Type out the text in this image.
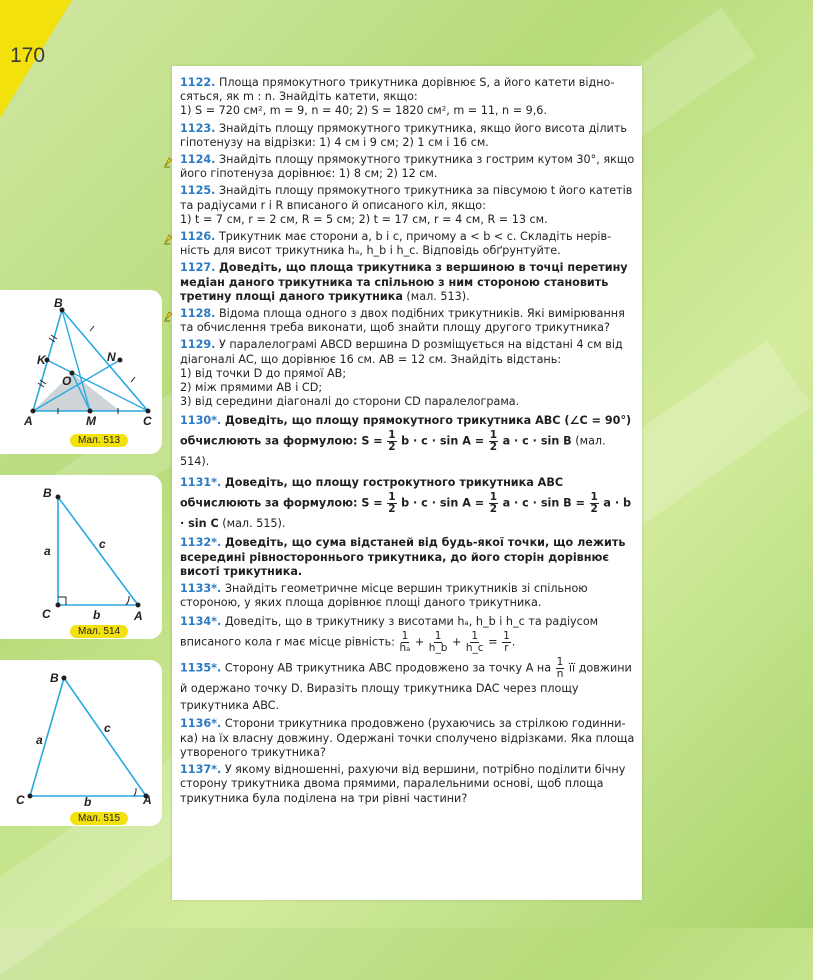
170
B
K	N
O
A	M	C
Мал. 513
B
C	A
a
b
c
Мал. 514
B
C	A
a
b
c
Мал. 515
1122. Площа прямокутного трикутника дорівнює S, а його катети відносяться, як m : n. Знайдіть катети, якщо:
1) S = 720 см², m = 9, n = 40; 2) S = 1820 см², m = 11, n = 9,6.
1123. Знайдіть площу прямокутного трикутника, якщо його висота ділить гіпотенузу на відрізки: 1) 4 см і 9 см; 2) 1 см і 16 см.
1124. Знайдіть площу прямокутного трикутника з гострим кутом 30°, якщо його гіпотенуза дорівнює: 1) 8 см; 2) 12 см.
1125. Знайдіть площу прямокутного трикутника за півсумою t його катетів та радіусами r і R вписаного й описаного кіл, якщо:
1) t = 7 см, r = 2 см, R = 5 см; 2) t = 17 см, r = 4 см, R = 13 см.
1126. Трикутник має сторони a, b і c, причому a < b < c. Складіть нерівність для висот трикутника hₐ, h_b і h_c. Відповідь обґрунтуйте.
1127. Доведіть, що площа трикутника з вершиною в точці перетину медіан даного трикутника та спільною з ним стороною становить третину площі даного трикутника (мал. 513).
1128. Відома площа одного з двох подібних трикутників. Які вимірювання та обчислення треба виконати, щоб знайти площу другого трикутника?
1129. У паралелограмі ABCD вершина D розміщується на відстані 4 см від діагоналі AC, що дорівнює 16 см. AB = 12 см. Знайдіть відстань:
1) від точки D до прямої AB;
2) між прямими AB і CD;
3) від середини діагоналі до сторони CD паралелограма.
1130*. Доведіть, що площу прямокутного трикутника ABC (∠C = 90°) обчислюють за формулою: $S = \frac{1}{2}$ $b \cdot c \cdot \sin A = \frac{1}{2}$ a · c · sin B (мал. 514).
1131*. Доведіть, що площу гострокутного трикутника ABC обчислюють за формулою: $S = \frac{1}{2}$ $b \cdot c \cdot \sin A = \frac{1}{2}$ $a \cdot c \cdot \sin B = \frac{1}{2}$ a · b · sin C (мал. 515).
1132*. Доведіть, що сума відстаней від будь-якої точки, що лежить всередині рівностороннього трикутника, до його сторін дорівнює висоті трикутника.
1133*. Знайдіть геометричне місце вершин трикутників зі спільною стороною, у яких площа дорівнює площі даного трикутника.
1134*. Доведіть, що в трикутнику з висотами hₐ, h_b і h_c та радіусом вписаного кола r має місце рівність: $\frac{1}{\text{hₐ}} + \frac{1}{h\_b} + \frac{1}{h\_c} = \frac{1}{r}$ .
1135*. Сторону AB трикутника ABC продовжено за точку A на $\frac{1}{n}$ її довжини й одержано точку D. Виразіть площу трикутника DAC через площу трикутника ABC.
1136*. Сторони трикутника продовжено (рухаючись за стрілкою годинника) на їх власну довжину. Одержані точки сполучено відрізками. Яка площа утвореного трикутника?
1137*. У якому відношенні, рахуючи від вершини, потрібно поділити бічну сторону трикутника двома прямими, паралельними основі, щоб площа трикутника була поділена на три рівні частини?
